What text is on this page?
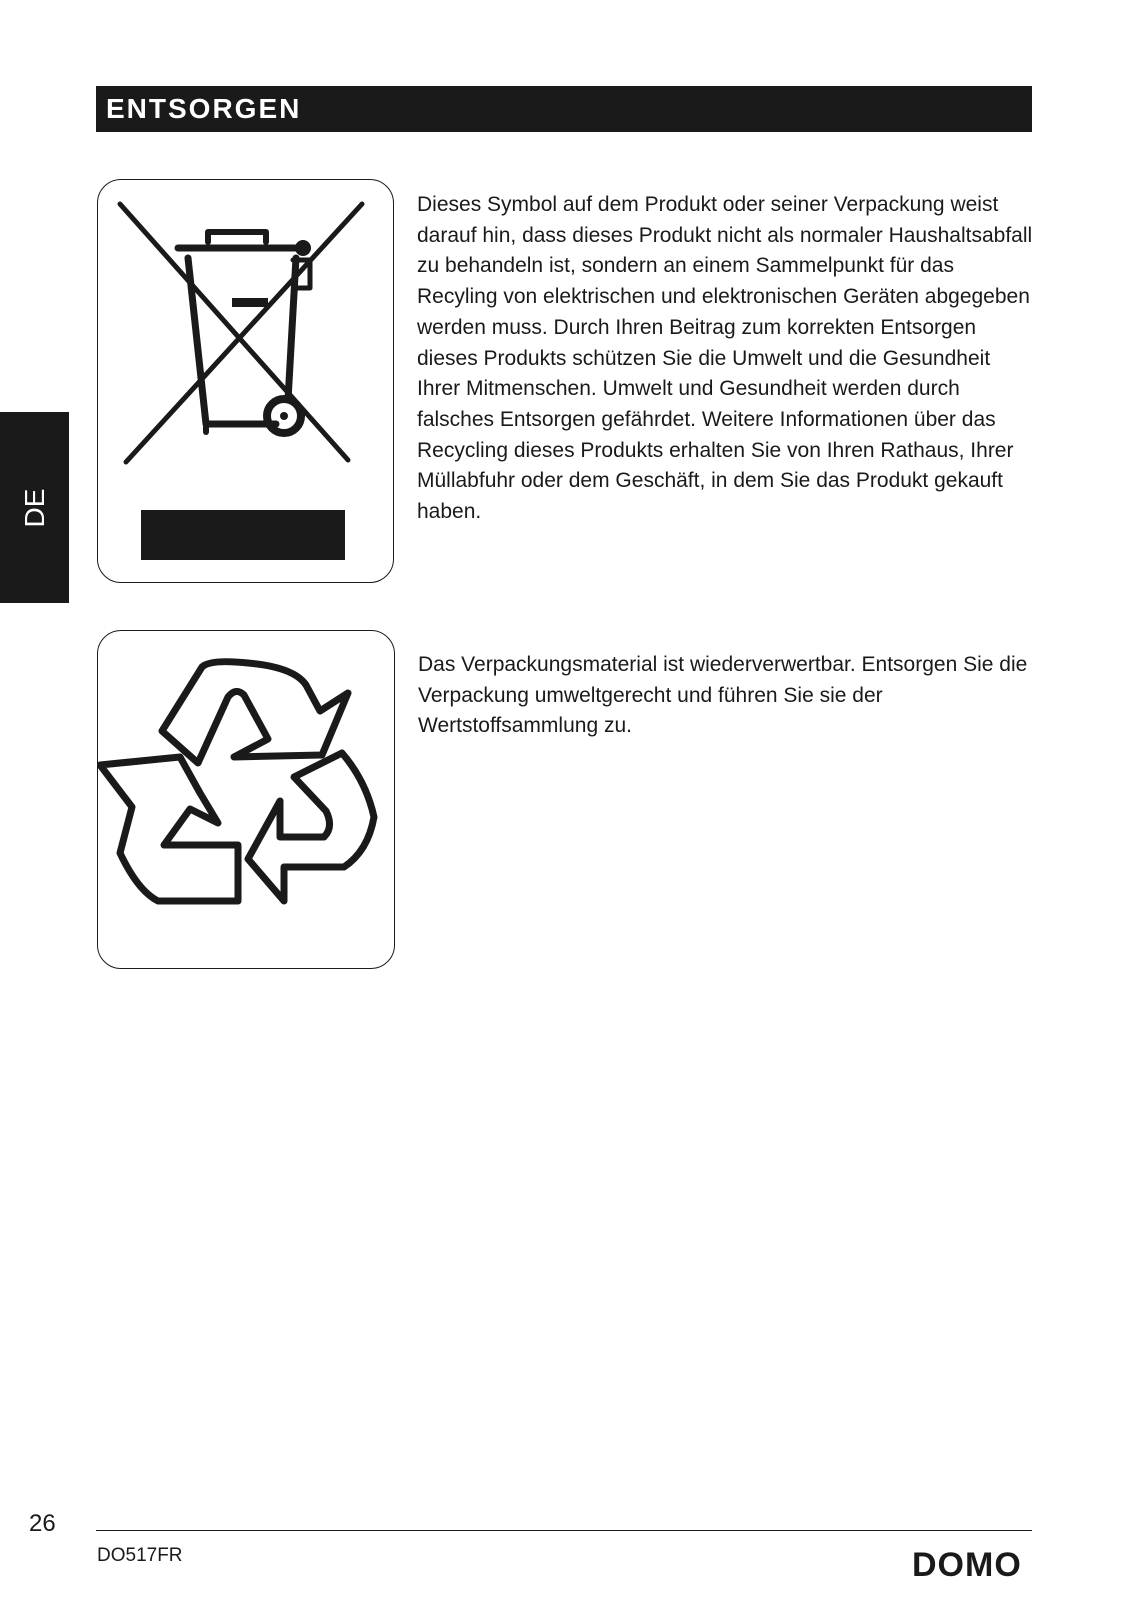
ENTSORGEN
DE

Dieses Symbol auf dem Produkt oder seiner Verpackung weist darauf hin, dass dieses Produkt nicht als normaler Haushaltsabfall zu behandeln ist, sondern an einem Sammelpunkt für das Recyling von elektrischen und elektronischen Geräten abgegeben werden muss. Durch Ihren Beitrag zum korrekten Entsorgen dieses Produkts schützen Sie die Umwelt und die Gesundheit Ihrer Mitmenschen. Umwelt und Gesundheit werden durch falsches Entsorgen gefährdet. Weitere Informationen über das Recycling dieses Produkts erhalten Sie von Ihren Rathaus, Ihrer Müllabfuhr oder dem Geschäft, in dem Sie das Produkt gekauft haben.

Das Verpackungsmaterial ist wiederverwertbar. Entsorgen Sie die Verpackung umweltgerecht und führen Sie sie der Wertstoffsammlung zu.

26
DO517FR	DOMO
